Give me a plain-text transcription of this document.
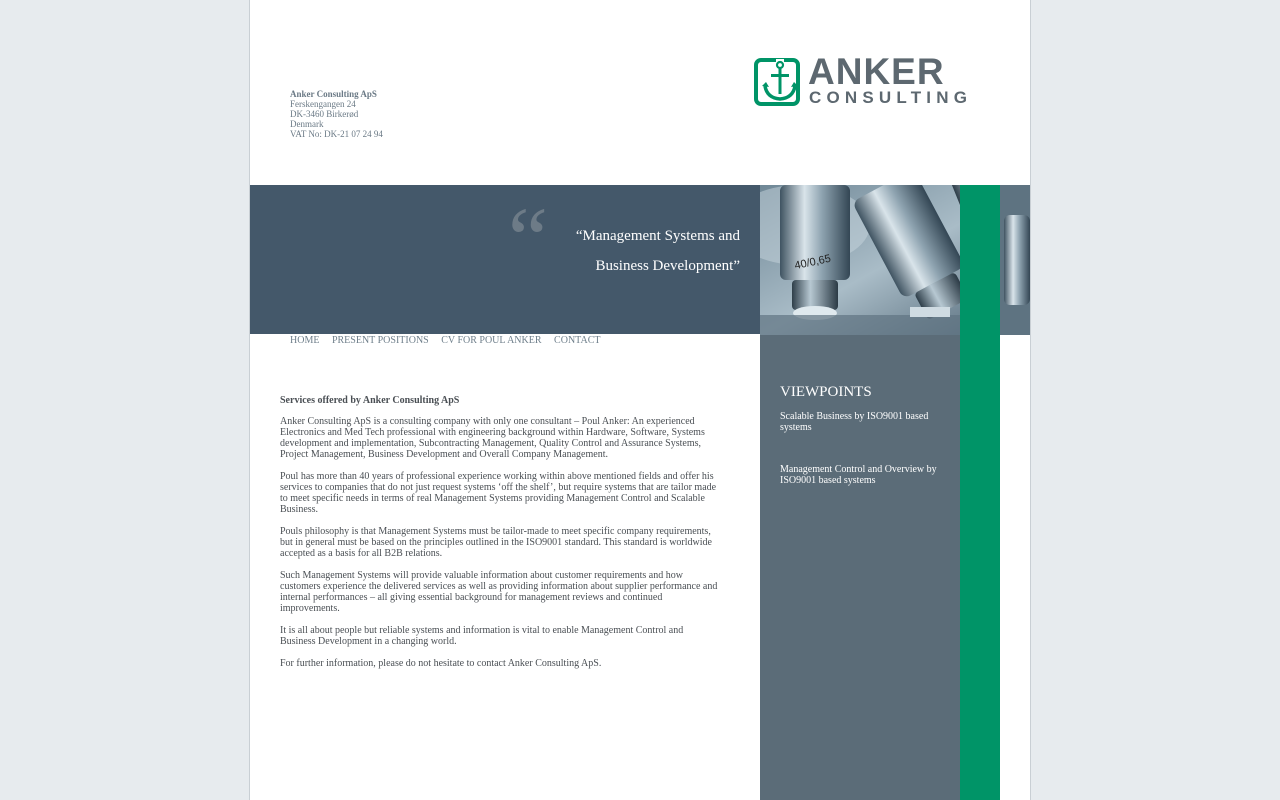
Anker Consulting ApS
Ferskengangen 24
DK-3460 Birkerød
Denmark
VAT No: DK-21 07 24 94
ANKER
CONSULTING
“	“Management Systems and
Business Development”	40/0,65
HOME PRESENT POSITIONS CV FOR POUL ANKER CONTACT
Services offered by Anker Consulting ApS

Anker Consulting ApS is a consulting company with only one consultant – Poul Anker: An experienced Electronics and Med Tech professional with engineering background within Hardware, Software, Systems development and implementation, Subcontracting Management, Quality Control and Assurance Systems, Project Management, Business Development and Overall Company Management.

Poul has more than 40 years of professional experience working within above mentioned fields and offer his services to companies that do not just request systems ‘off the shelf’, but require systems that are tailor made to meet specific needs in terms of real Management Systems providing Management Control and Scalable Business.

Pouls philosophy is that Management Systems must be tailor-made to meet specific company requirements, but in general must be based on the principles outlined in the ISO9001 standard. This standard is worldwide accepted as a basis for all B2B relations.

Such Management Systems will provide valuable information about customer requirements and how customers experience the delivered services as well as providing information about supplier performance and internal performances – all giving essential background for management reviews and continued improvements.

It is all about people but reliable systems and information is vital to enable Management Control and Business Development in a changing world.

For further information, please do not hesitate to contact Anker Consulting ApS.

VIEWPOINTS
Scalable Business by ISO9001 based systems
Management Control and Overview by ISO9001 based systems
